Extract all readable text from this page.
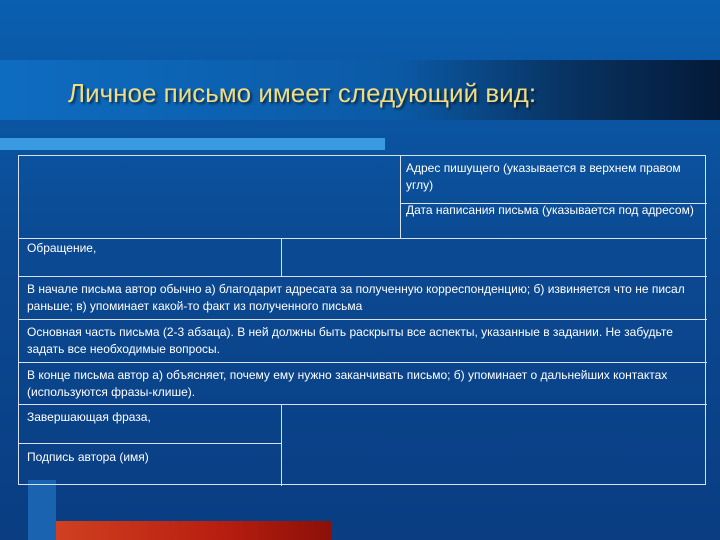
Личное письмо имеет следующий вид:
Адрес пишущего (указывается в верхнем правом углу)
Дата написания письма (указывается под адресом)
Обращение,
В начале письма автор обычно а) благодарит адресата за полученную корреспонденцию; б) извиняется что не писал раньше; в) упоминает какой-то факт из полученного письма
Основная часть письма (2-3 абзаца). В ней должны быть раскрыты все аспекты, указанные в задании. Не забудьте задать все необходимые вопросы.
В конце письма автор а) объясняет, почему ему нужно заканчивать письмо; б) упоминает о дальнейших контактах (используются фразы-клише).
Завершающая фраза,
Подпись автора (имя)
